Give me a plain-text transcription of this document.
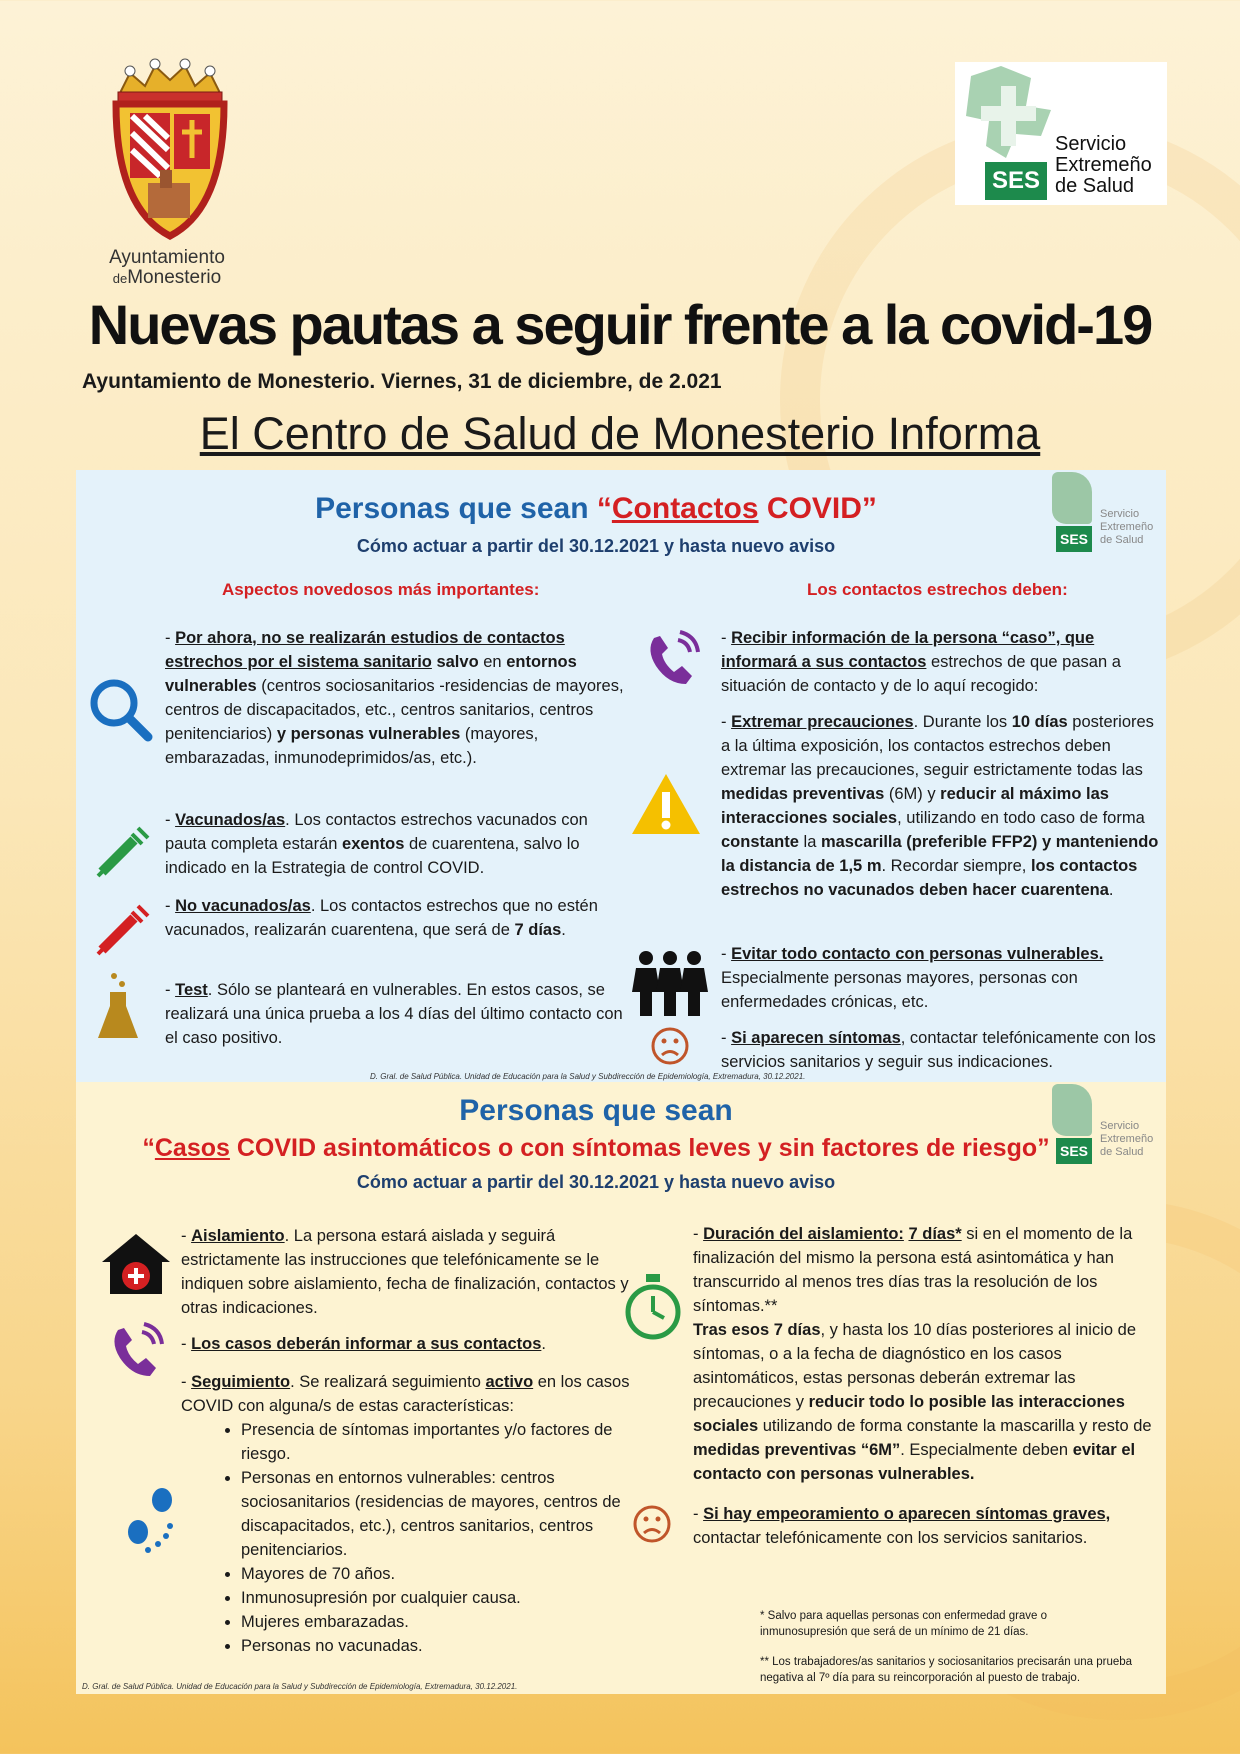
Ayuntamiento
deMonesterio
SES
Servicio
Extremeño
de Salud
Nuevas pautas a seguir frente a la covid-19
Ayuntamiento de Monesterio. Viernes, 31 de diciembre, de 2.021
El Centro de Salud de Monesterio Informa
Personas que sean “Contactos COVID”
Cómo actuar a partir del 30.12.2021 y hasta nuevo aviso	SES
Servicio
Extremeño
de Salud
Aspectos novedosos más importantes:	Los contactos estrechos deben:
- Por ahora, no se realizarán estudios de contactos estrechos por el sistema sanitario salvo en entornos vulnerables (centros sociosanitarios -residencias de mayores, centros de discapacitados, etc., centros sanitarios, centros penitenciarios) y personas vulnerables (mayores, embarazadas, inmunodeprimidos/as, etc.).
- Vacunados/as. Los contactos estrechos vacunados con pauta completa estarán exentos de cuarentena, salvo lo indicado en la Estrategia de control COVID.
- No vacunados/as. Los contactos estrechos que no estén vacunados, realizarán cuarentena, que será de 7 días.
- Test. Sólo se planteará en vulnerables. En estos casos, se realizará una única prueba a los 4 días del último contacto con el caso positivo.
- Recibir información de la persona “caso”, que informará a sus contactos estrechos de que pasan a situación de contacto y de lo aquí recogido:
- Extremar precauciones. Durante los 10 días posteriores a la última exposición, los contactos estrechos deben extremar las precauciones, seguir estrictamente todas las medidas preventivas (6M) y reducir al máximo las interacciones sociales, utilizando en todo caso de forma constante la mascarilla (preferible FFP2) y manteniendo la distancia de 1,5 m. Recordar siempre, los contactos estrechos no vacunados deben hacer cuarentena.
- Evitar todo contacto con personas vulnerables. Especialmente personas mayores, personas con enfermedades crónicas, etc.
- Si aparecen síntomas, contactar telefónicamente con los servicios sanitarios y seguir sus indicaciones.
D. Gral. de Salud Pública. Unidad de Educación para la Salud y Subdirección de Epidemiología, Extremadura, 30.12.2021.
Personas que sean
“Casos COVID asintomáticos o con síntomas leves y sin factores de riesgo”
Cómo actuar a partir del 30.12.2021 y hasta nuevo aviso
SES
Servicio
Extremeño
de Salud
- Aislamiento. La persona estará aislada y seguirá estrictamente las instrucciones que telefónicamente se le indiquen sobre aislamiento, fecha de finalización, contactos y otras indicaciones.
- Los casos deberán informar a sus contactos.
- Seguimiento. Se realizará seguimiento activo en los casos COVID con alguna/s de estas características:
• Presencia de síntomas importantes y/o factores de riesgo.
• Personas en entornos vulnerables: centros sociosanitarios (residencias de mayores, centros de discapacitados, etc.), centros sanitarios, centros penitenciarios.
• Mayores de 70 años.
• Inmunosupresión por cualquier causa.
• Mujeres embarazadas.
• Personas no vacunadas.
- Duración del aislamiento: 7 días* si en el momento de la finalización del mismo la persona está asintomática y han transcurrido al menos tres días tras la resolución de los síntomas.**
Tras esos 7 días, y hasta los 10 días posteriores al inicio de síntomas, o a la fecha de diagnóstico en los casos asintomáticos, estas personas deberán extremar las precauciones y reducir todo lo posible las interacciones sociales utilizando de forma constante la mascarilla y resto de medidas preventivas “6M”. Especialmente deben evitar el contacto con personas vulnerables.
- Si hay empeoramiento o aparecen síntomas graves, contactar telefónicamente con los servicios sanitarios.
* Salvo para aquellas personas con enfermedad grave o inmunosupresión que será de un mínimo de 21 días.
** Los trabajadores/as sanitarios y sociosanitarios precisarán una prueba negativa al 7º día para su reincorporación al puesto de trabajo.
D. Gral. de Salud Pública. Unidad de Educación para la Salud y Subdirección de Epidemiología, Extremadura, 30.12.2021.
